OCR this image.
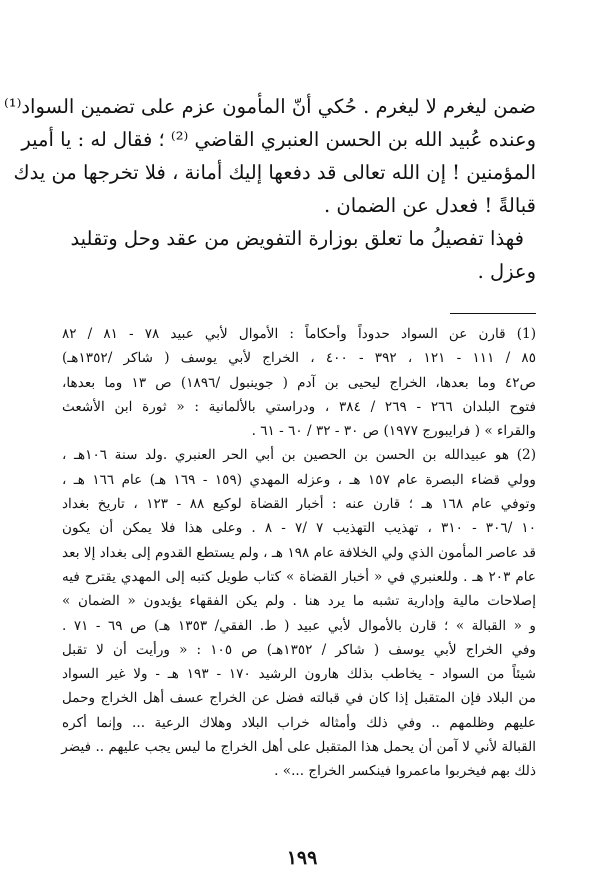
ضمن ليغرم لا ليغرم . حُكي أنّ المأمون عزم على تضمين السواد⁽¹⁾
وعنده عُبيد الله بن الحسن العنبري القاضي ⁽²⁾ ؛ فقال له : يا أمير
المؤمنين ! إن الله تعالى قد دفعها إليك أمانة ، فلا تخرجها من يدك
قبالةً ! فعدل عن الضمان .
فهذا تفصيلُ ما تعلق بوزارة التفويض من عقد وحل وتقليد
وعزل .
(1) قارن عن السواد حدوداً وأحكاماً : الأموال لأبي عبيد ٧٨ - ٨١ / ٨٢
٨٥ / ١١١ - ١٢١ ، ٣٩٢ - ٤٠٠ ، الخراج لأبي يوسف ( شاكر /١٣٥٢هـ)
ص٤٢ وما بعدها، الخراج ليحيى بن آدم ( جوينبول /١٨٩٦) ص ١٣ وما بعدها،
فتوح البلدان ٢٦٦ - ٢٦٩ / ٣٨٤ ، ودراستي بالألمانية : « ثورة ابن الأشعث
والقراء » ( فرايبورج ١٩٧٧) ص ٣٠ - ٣٢ / ٦٠ - ٦١ .
(2) هو عبيدالله بن الحسن بن الحصين بن أبي الحر العنبري .ولد سنة ١٠٦هـ ،
وولي قضاء البصرة عام ١٥٧ هـ ، وعزله المهدي (١٥٩ - ١٦٩ هـ) عام ١٦٦ هـ ،
وتوفي عام ١٦٨ هـ ؛ قارن عنه : أخبار القضاة لوكيع ٨٨ - ١٢٣ ، تاريخ بغداد
١٠ /٣٠٦ - ٣١٠ ، تهذيب التهذيب ٧ /٧ - ٨ . وعلى هذا فلا يمكن أن يكون
قد عاصر المأمون الذي ولي الخلافة عام ١٩٨ هـ ، ولم يستطع القدوم إلى بغداد إلا بعد
عام ٢٠٣ هـ . وللعنبري في « أخبار القضاة » كتاب طويل كتبه إلى المهدي يقترح فيه
إصلاحات مالية وإدارية تشبه ما يرد هنا . ولم يكن الفقهاء يؤيدون « الضمان »
و « القبالة » ؛ قارن بالأموال لأبي عبيد ( ط. الفقي/ ١٣٥٣ هـ) ص ٦٩ - ٧١ .
وفي الخراج لأبي يوسف ( شاكر / ١٣٥٢هـ) ص ١٠٥ : « ورأيت أن لا تقبل
شيئاً من السواد - يخاطب بذلك هارون الرشيد ١٧٠ - ١٩٣ هـ - ولا غير السواد
من البلاد فإن المتقبل إذا كان في قبالته فضل عن الخراج عسف أهل الخراج وحمل
عليهم وظلمهم .. وفي ذلك وأمثاله خراب البلاد وهلاك الرعية ... وإنما أكره
القبالة لأني لا آمن أن يحمل هذا المتقبل على أهل الخراج ما ليس يجب عليهم .. فيضر
ذلك بهم فيخربوا ماعمروا فينكسر الخراج ...» .
١٩٩
